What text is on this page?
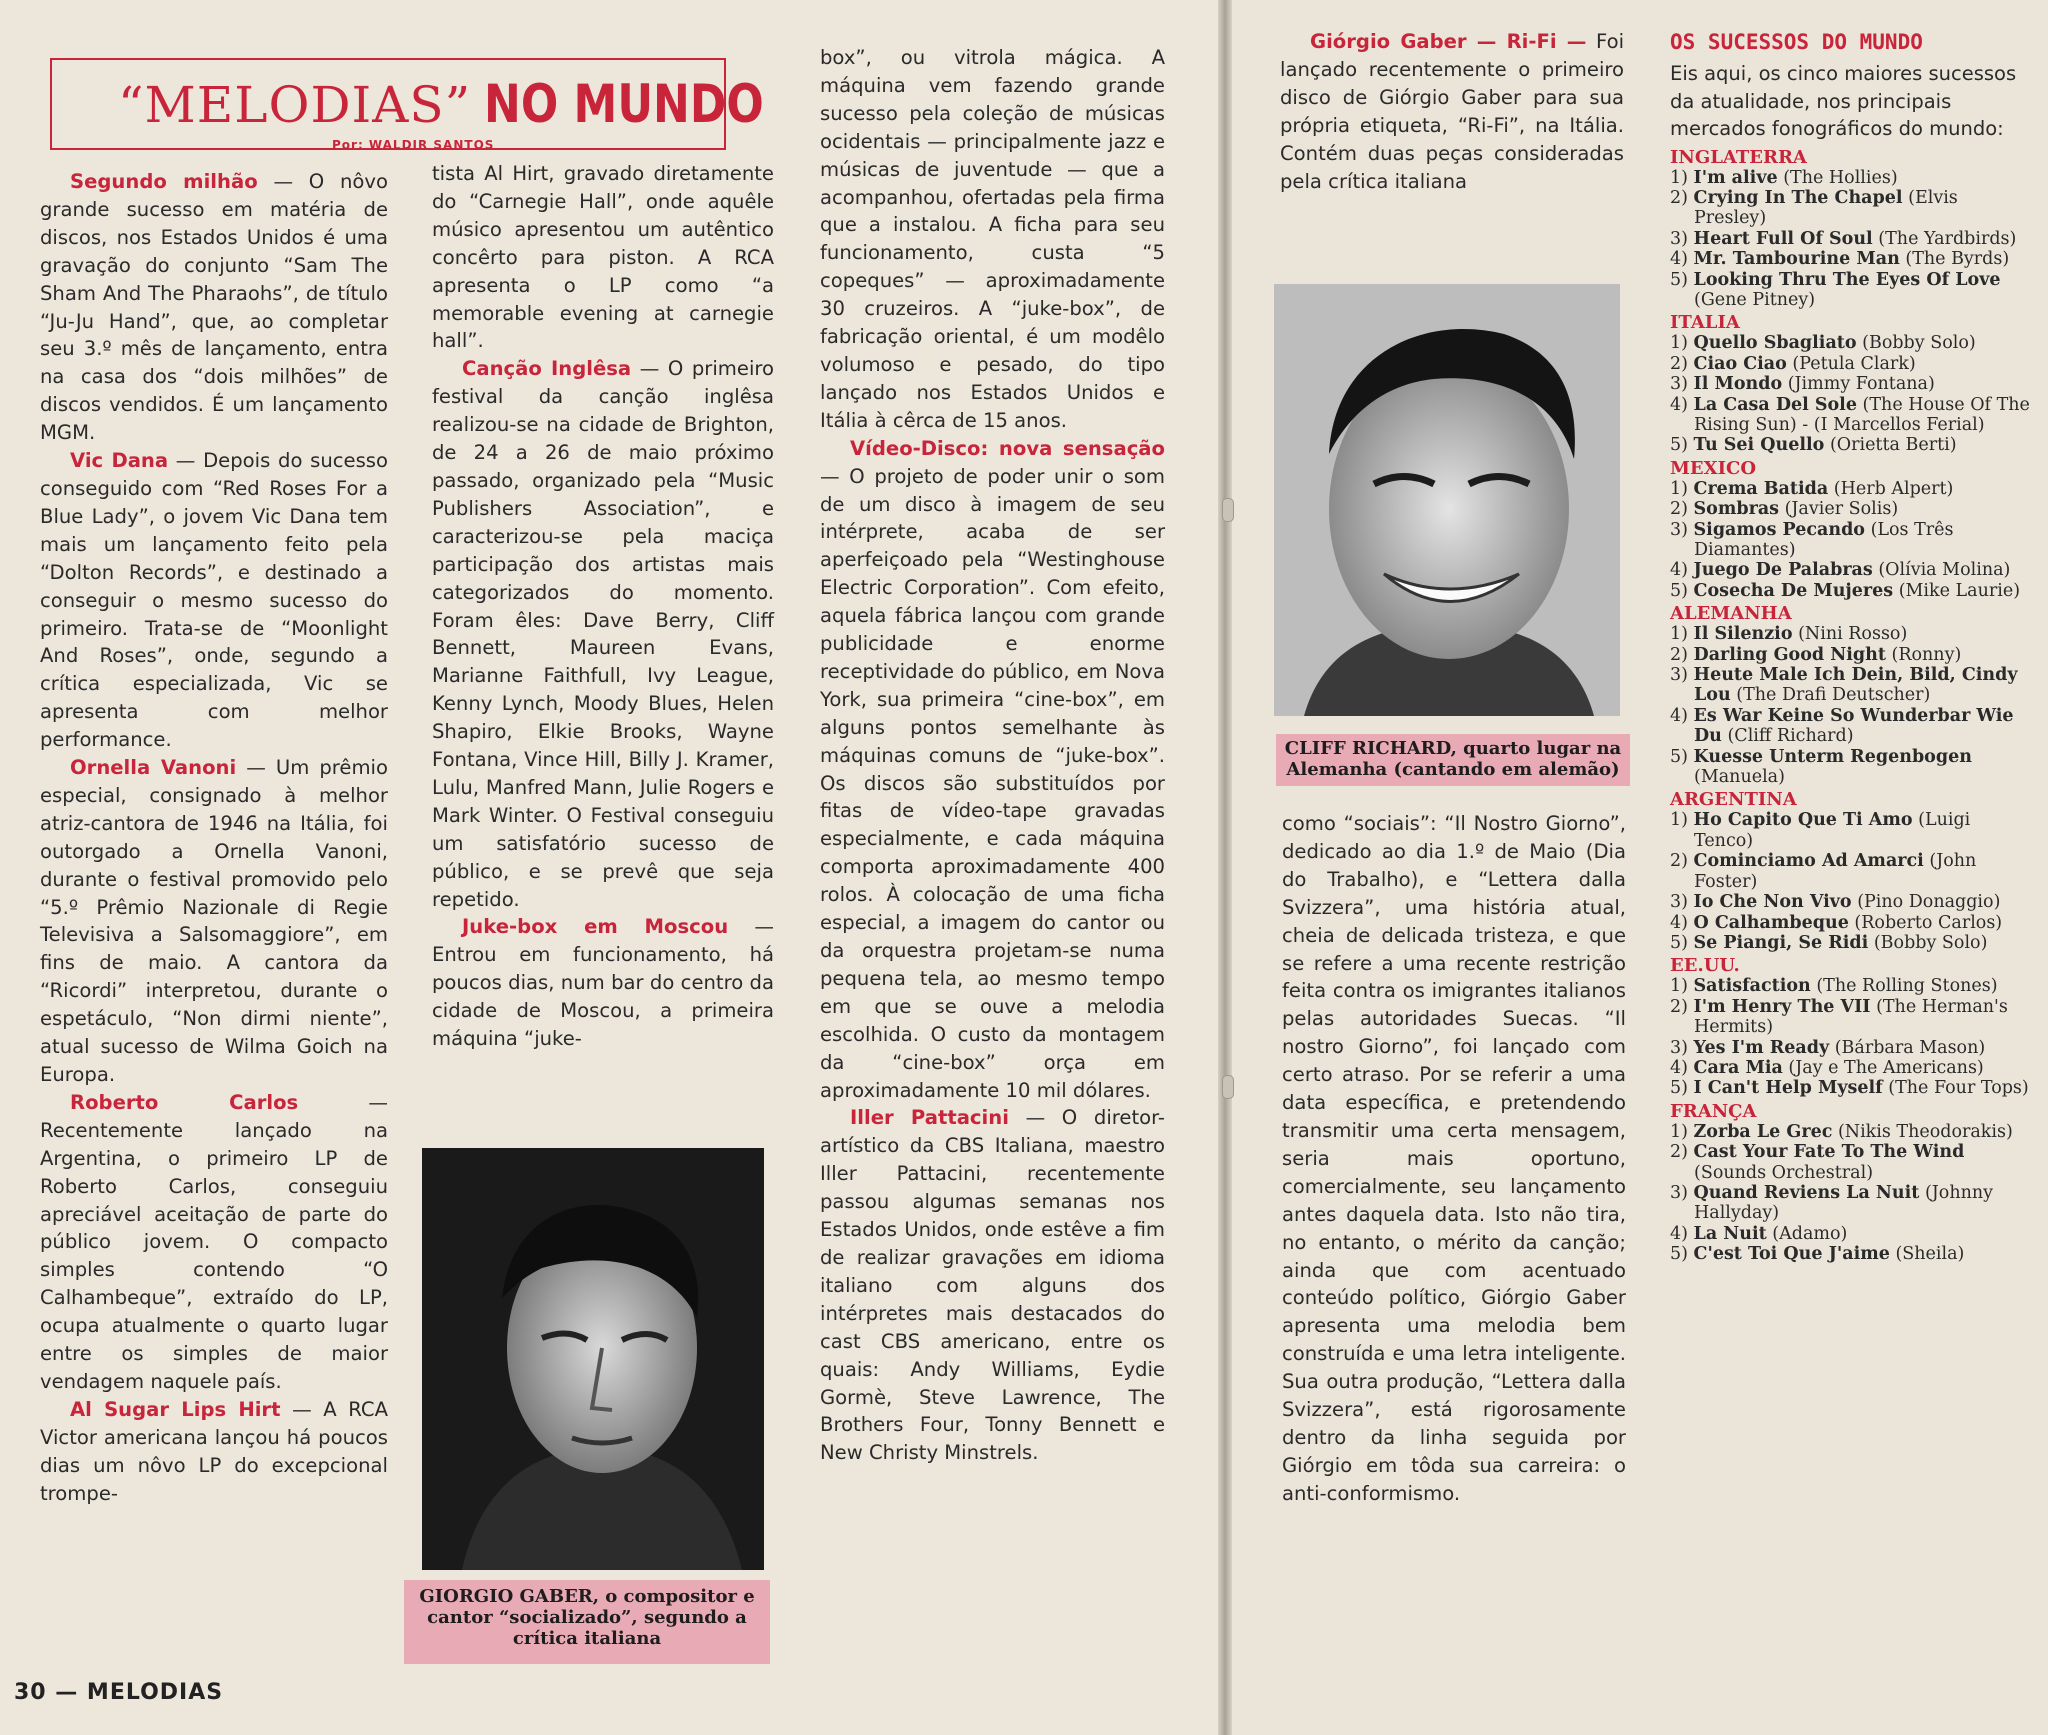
“MELODIAS” NO MUNDO
Por: WALDIR SANTOS

Segundo milhão — O nôvo grande sucesso em matéria de discos, nos Estados Unidos é uma gravação do conjunto “Sam The Sham And The Pharaohs”, de título “Ju-Ju Hand”, que, ao completar seu 3.º mês de lançamento, entra na casa dos “dois milhões” de discos vendidos. É um lançamento MGM.

Vic Dana — Depois do sucesso conseguido com “Red Roses For a Blue Lady”, o jovem Vic Dana tem mais um lançamento feito pela “Dolton Records”, e destinado a conseguir o mesmo sucesso do primeiro. Trata-se de “Moonlight And Roses”, onde, segundo a crítica especializada, Vic se apresenta com melhor performance.

Ornella Vanoni — Um prêmio especial, consignado à melhor atriz-cantora de 1946 na Itália, foi outorgado a Ornella Vanoni, durante o festival promovido pelo “5.º Prêmio Nazionale di Regie Televisiva a Salsomaggiore”, em fins de maio. A cantora da “Ricordi” interpretou, durante o espetáculo, “Non dirmi niente”, atual sucesso de Wilma Goich na Europa.

Roberto Carlos — Recentemente lançado na Argentina, o primeiro LP de Roberto Carlos, conseguiu apreciável aceitação de parte do público jovem. O compacto simples contendo “O Calhambeque”, extraído do LP, ocupa atualmente o quarto lugar entre os simples de maior vendagem naquele país.

Al Sugar Lips Hirt — A RCA Victor americana lançou há poucos dias um nôvo LP do excepcional trompe-

tista Al Hirt, gravado diretamente do “Carnegie Hall”, onde aquêle músico apresentou um autêntico concêrto para piston. A RCA apresenta o LP como “a memorable evening at carnegie hall”.

Canção Inglêsa — O primeiro festival da canção inglêsa realizou-se na cidade de Brighton, de 24 a 26 de maio próximo passado, organizado pela “Music Publishers Association”, e caracterizou-se pela maciça participação dos artistas mais categorizados do momento. Foram êles: Dave Berry, Cliff Bennett, Maureen Evans, Marianne Faithfull, Ivy League, Kenny Lynch, Moody Blues, Helen Shapiro, Elkie Brooks, Wayne Fontana, Vince Hill, Billy J. Kramer, Lulu, Manfred Mann, Julie Rogers e Mark Winter. O Festival conseguiu um satisfatório sucesso de público, e se prevê que seja repetido.

Juke-box em Moscou — Entrou em funcionamento, há poucos dias, num bar do centro da cidade de Moscou, a primeira máquina “juke-

box”, ou vitrola mágica. A máquina vem fazendo grande sucesso pela coleção de músicas ocidentais — principalmente jazz e músicas de juventude — que a acompanhou, ofertadas pela firma que a instalou. A ficha para seu funcionamento, custa “5 copeques” — aproximadamente 30 cruzeiros. A “juke-box”, de fabricação oriental, é um modêlo volumoso e pesado, do tipo lançado nos Estados Unidos e Itália à cêrca de 15 anos.

Vídeo-Disco: nova sensação — O projeto de poder unir o som de um disco à imagem de seu intérprete, acaba de ser aperfeiçoado pela “Westinghouse Electric Corporation”. Com efeito, aquela fábrica lançou com grande publicidade e enorme receptividade do público, em Nova York, sua primeira “cine-box”, em alguns pontos semelhante às máquinas comuns de “juke-box”. Os discos são substituídos por fitas de vídeo-tape gravadas especialmente, e cada máquina comporta aproximadamente 400 rolos. À colocação de uma ficha especial, a imagem do cantor ou da orquestra projetam-se numa pequena tela, ao mesmo tempo em que se ouve a melodia escolhida. O custo da montagem da “cine-box” orça em aproximadamente 10 mil dólares.

Iller Pattacini — O diretor-artístico da CBS Italiana, maestro Iller Pattacini, recentemente passou algumas semanas nos Estados Unidos, onde estêve a fim de realizar gravações em idioma italiano com alguns dos intérpretes mais destacados do cast CBS americano, entre os quais: Andy Williams, Eydie Gormè, Steve Lawrence, The Brothers Four, Tonny Bennett e New Christy Minstrels.

Giórgio Gaber — Ri-Fi — Foi lançado recentemente o primeiro disco de Giórgio Gaber para sua própria etiqueta, “Ri-Fi”, na Itália. Contém duas peças consideradas pela crítica italiana

como “sociais”: “Il Nostro Giorno”, dedicado ao dia 1.º de Maio (Dia do Trabalho), e “Lettera dalla Svizzera”, uma história atual, cheia de delicada tristeza, e que se refere a uma recente restrição feita contra os imigrantes italianos pelas autoridades Suecas. “Il nostro Giorno”, foi lançado com certo atraso. Por se referir a uma data específica, e pretendendo transmitir uma certa mensagem, seria mais oportuno, comercialmente, seu lançamento antes daquela data. Isto não tira, no entanto, o mérito da canção; ainda que com acentuado conteúdo político, Giórgio Gaber apresenta uma melodia bem construída e uma letra inteligente. Sua outra produção, “Lettera dalla Svizzera”, está rigorosamente dentro da linha seguida por Giórgio em tôda sua carreira: o anti-conformismo.

GIORGIO GABER, o compositor e cantor “socializado”, segundo a crítica italiana
CLIFF RICHARD, quarto lugar na Alemanha (cantando em alemão)
OS SUCESSOS DO MUNDO
Eis aqui, os cinco maiores sucessos da atualidade, nos principais mercados fonográficos do mundo:
INGLATERRA
1) I'm alive (The Hollies)
2) Crying In The Chapel (Elvis Presley)
3) Heart Full Of Soul (The Yardbirds)
4) Mr. Tambourine Man (The Byrds)
5) Looking Thru The Eyes Of Love (Gene Pitney)
ITALIA
1) Quello Sbagliato (Bobby Solo)
2) Ciao Ciao (Petula Clark)
3) Il Mondo (Jimmy Fontana)
4) La Casa Del Sole (The House Of The Rising Sun) - (I Marcellos Ferial)
5) Tu Sei Quello (Orietta Berti)
MEXICO
1) Crema Batida (Herb Alpert)
2) Sombras (Javier Solis)
3) Sigamos Pecando (Los Três Diamantes)
4) Juego De Palabras (Olívia Molina)
5) Cosecha De Mujeres (Mike Laurie)
ALEMANHA
1) Il Silenzio (Nini Rosso)
2) Darling Good Night (Ronny)
3) Heute Male Ich Dein, Bild, Cindy Lou (The Drafi Deutscher)
4) Es War Keine So Wunderbar Wie Du (Cliff Richard)
5) Kuesse Unterm Regenbogen (Manuela)
ARGENTINA
1) Ho Capito Que Ti Amo (Luigi Tenco)
2) Cominciamo Ad Amarci (John Foster)
3) Io Che Non Vivo (Pino Donaggio)
4) O Calhambeque (Roberto Carlos)
5) Se Piangi, Se Ridi (Bobby Solo)
EE.UU.
1) Satisfaction (The Rolling Stones)
2) I'm Henry The VII (The Herman's Hermits)
3) Yes I'm Ready (Bárbara Mason)
4) Cara Mia (Jay e The Americans)
5) I Can't Help Myself (The Four Tops)
FRANÇA
1) Zorba Le Grec (Nikis Theodorakis)
2) Cast Your Fate To The Wind (Sounds Orchestral)
3) Quand Reviens La Nuit (Johnny Hallyday)
4) La Nuit (Adamo)
5) C'est Toi Que J'aime (Sheila)
30 — MELODIAS
